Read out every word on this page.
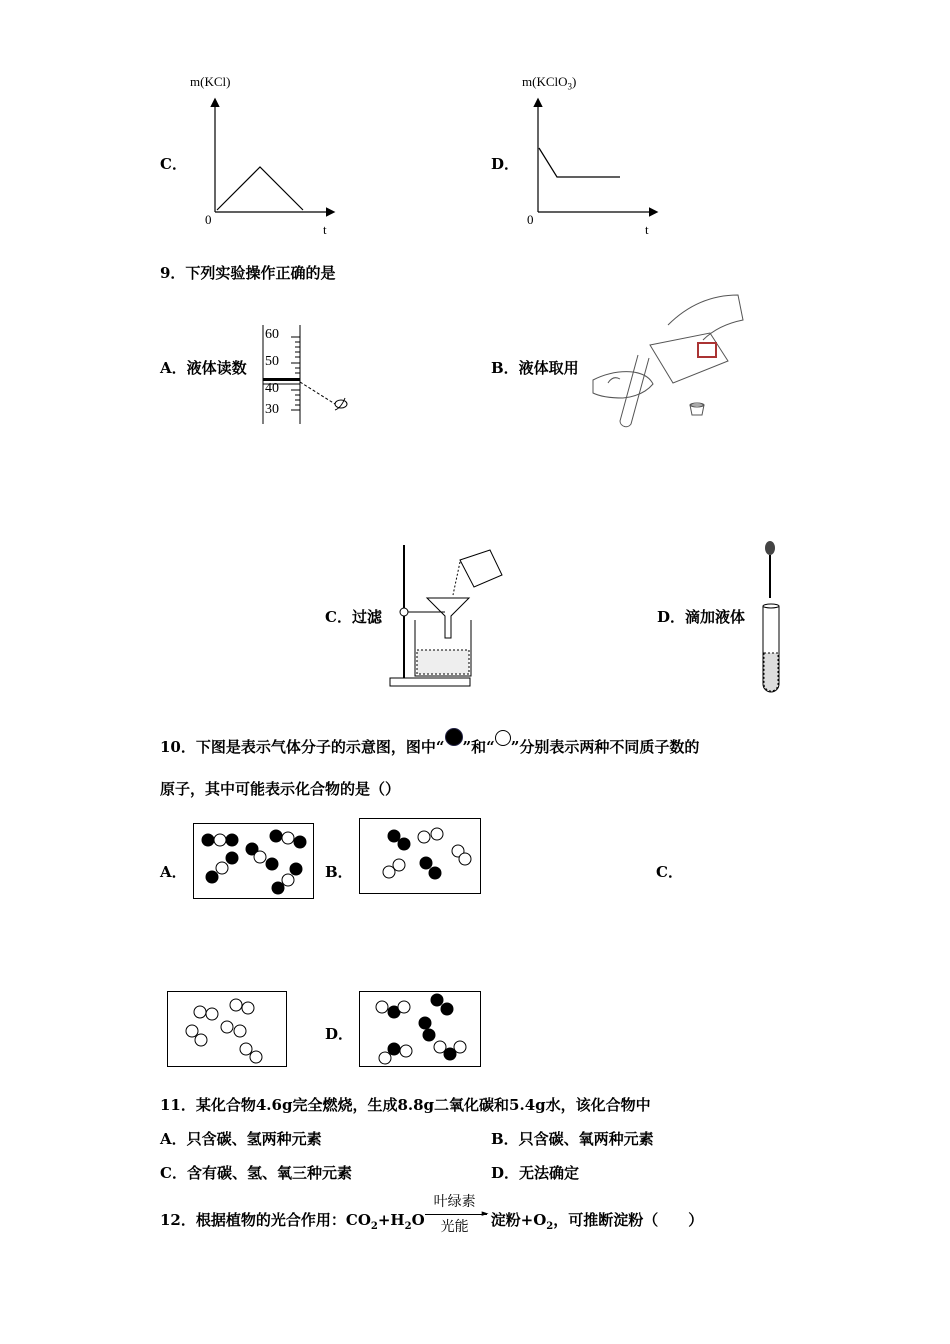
C．
m(KCl)
0
t
D．
m(KClO$_3$)
0
t
9．下列实验操作正确的是
A．液体读数
60
50
40
30
B．液体取用
C．过滤	D．滴加液体
10．下图是表示气体分子的示意图，图中“ ”和“ ”分别表示两种不同质子数的
原子，其中可能表示化合物的是（）
A．	B．	C．
D．
11．某化合物4.6g完全燃烧，生成8.8g二氧化碳和5.4g水，该化合物中
A．只含碳、氢两种元素	B．只含碳、氧两种元素
C．含有碳、氢、氧三种元素	D．无法确定
12．根据植物的光合作用：$CO_2+H_2O$
叶绿素
►
光能 淀粉$+O_2$，可推断淀粉（　　）
